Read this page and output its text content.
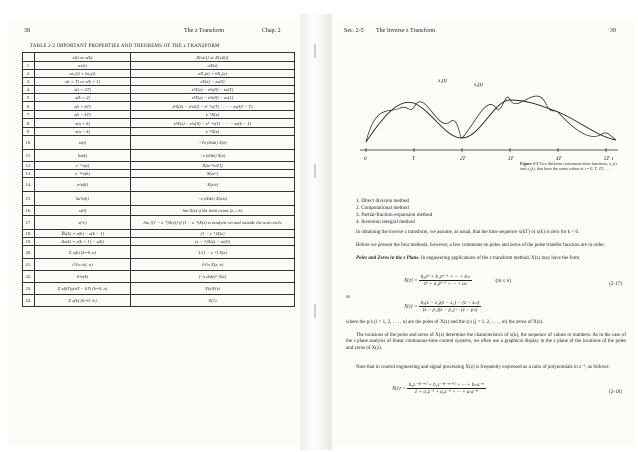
38	The z Transform	Chap. 2
TABLE 2-2 IMPORTANT PROPERTIES AND THEOREMS OF THE z TRANSFORM
	x(t) or x(k)	Z[x(t)] or Z[x(k)]
1.	ax(t)	aX(z)
2.	ax₁(t) + bx₂(t)	aX₁(z) + bX₂(z)
3.	x(t + T) or x(k + 1)	zX(z) − zx(0)
4.	x(t + 2T)	z²X(z) − z²x(0) − zx(T)
5.	x(k + 2)	z²X(z) − z²x(0) − zx(1)
6.	x(t + kT)	zᵏX(z) − zᵏx(0) − zᵏ⁻¹x(T) − ··· − zx(kT − T)
7.	x(t − kT)	z⁻ᵏX(z)
8.	x(n + k)	zᵏX(z) − zᵏx(0) − zᵏ⁻¹x(1) − ··· − zx(k − 1)
9.	x(n − k)	z⁻ᵏX(z)
10.	tx(t)	−Tz (d/dz) X(z)
11.	kx(k)	−z (d/dz) X(z)
12.	e⁻ᵃᵗx(t)	X(ze^{aT})
13.	e⁻ᵃᵏx(k)	X(zeᵃ)
14.	aᵏx(k)	X(z/a)
15.	kaᵏx(k)	−z (d/dz) X(z/a)
16.	x(0)	lim X(z) if the limit exists (z→∞)
17.	x(∞)	lim [(1 − z⁻¹)X(z)] if (1 − z⁻¹)X(z) is analytic on and outside the unit circle
18.	∇x(k) = x(k) − x(k − 1)	(1 − z⁻¹)X(z)
19.	Δx(k) = x(k + 1) − x(k)	(z − 1)X(z) − zx(0)
20.	Σ x(k) (k=0..n)	1/(1 − z⁻¹) X(z)
21.	∂/∂a x(t, a)	∂/∂a X(z, a)
22.	kᵐx(k)	(−z d/dz)ᵐ X(z)
23.	Σ x(kT)y(nT − kT) (k=0..n)	X(z)Y(z)
24.	Σ x(k) (k=0..∞)	X(1)
Sec. 2-5 The Inverse z Transform	39
x₁(t)
x₂(t)
0	T	2T	3T	4T	5T t
Figure 2-3 Two different continuous-time functions, x₁(t) and x₂(t), that have the same values at t = 0, T, 2T, . . .
1. Direct division method
2. Computational method
3. Partial-fraction-expansion method
4. Inversion integral method
In obtaining the inverse z transform, we assume, as usual, that the time sequence x(kT) or x(k) is zero for k < 0.
Before we present the four methods, however, a few comments on poles and zeros of the pulse transfer function are in order.
Poles and Zeros in the z Plane. In engineering applications of the z transform method, X(z) may have the form
$X(z) = \frac{\text{b₀zᵐ + b₁zᵐ⁻¹ + ··· + bₘ}}{\text{zⁿ + a₁zⁿ⁻¹ + ··· + aₙ}}$	(m ≤ n)
(2-17)
or
$X(z) = \frac{\text{b₀(z − z₁)(z − z₂) ··· (z − zₘ)}}{\text{(z − p₁)(z − p₂) ··· (z − pₙ)}}$
where the pᵢ's (i = 1, 2, . . . , n) are the poles of X(z) and the zⱼ's (j = 1, 2, . . . , m) the zeros of X(z).
The locations of the poles and zeros of X(z) determine the characteristics of x(k), the sequence of values or numbers. As in the case of the s plane analysis of linear continuous-time control systems, we often use a graphical display in the z plane of the locations of the poles and zeros of X(z).
Note that in control engineering and signal processing X(z) is frequently expressed as a ratio of polynomials in z⁻¹, as follows:
$X(z) = \frac{\text{b₀z⁻⁽ⁿ⁻ᵐ⁾ + b₁z⁻⁽ⁿ⁻ᵐ⁺¹⁾ + ··· + bₘz⁻ⁿ}}{\text{1 + a₁z⁻¹ + a₂z⁻² + ··· + aₙz⁻ⁿ}}$	(2-18)
